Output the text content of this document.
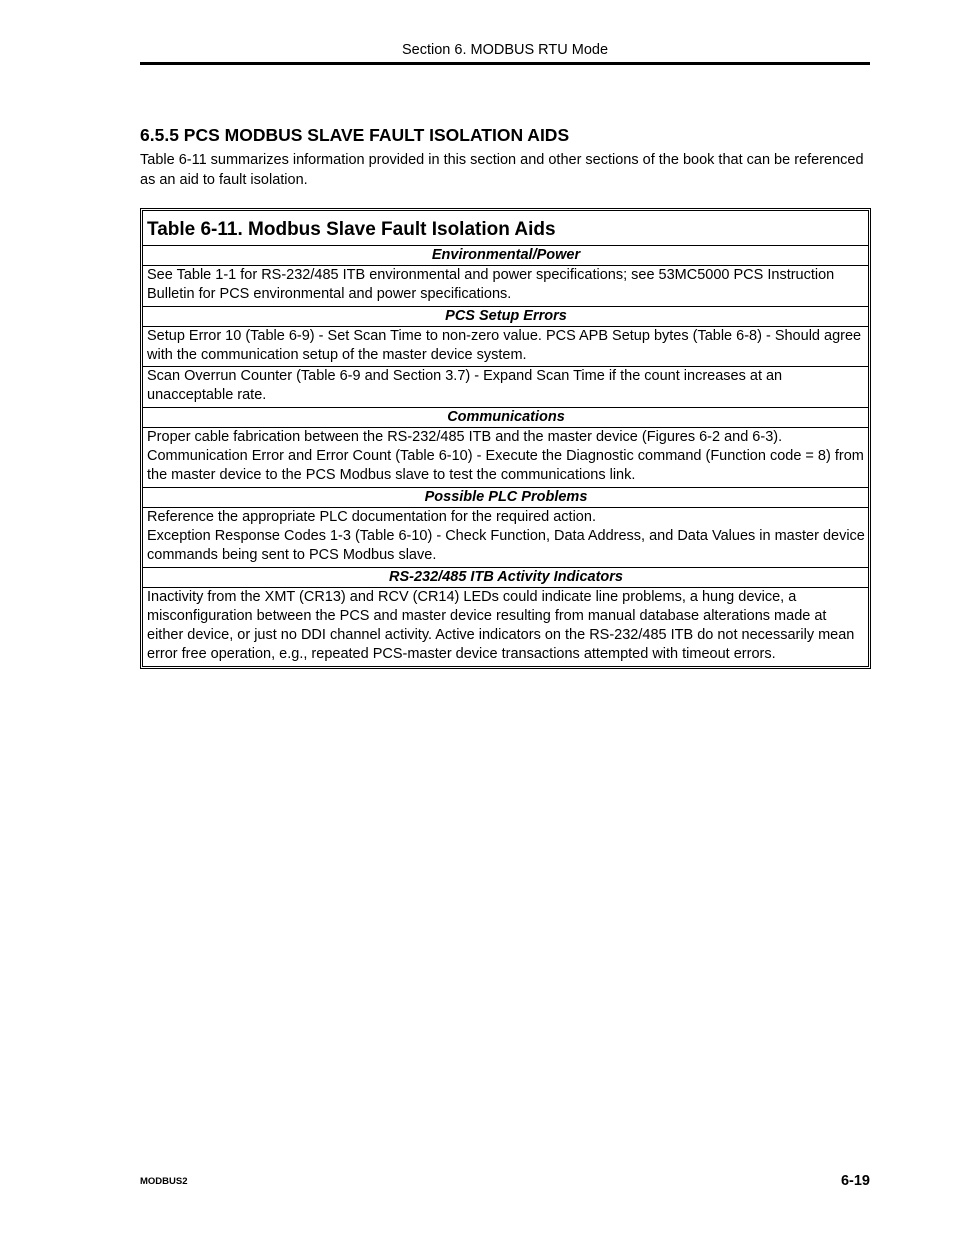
Section 6. MODBUS RTU Mode
6.5.5 PCS MODBUS SLAVE FAULT ISOLATION AIDS

Table 6-11 summarizes information provided in this section and other sections of the book that can be referenced as an aid to fault isolation.

Table 6-11. Modbus Slave Fault Isolation Aids
Environmental/Power
See Table 1-1 for RS-232/485 ITB environmental and power specifications; see 53MC5000 PCS Instruction Bulletin for PCS environmental and power specifications.
PCS Setup Errors
Setup Error 10 (Table 6-9) - Set Scan Time to non-zero value. PCS APB Setup bytes (Table 6-8) - Should agree with the communication setup of the master device system.
Scan Overrun Counter (Table 6-9 and Section 3.7) - Expand Scan Time if the count increases at an unacceptable rate.
Communications
Proper cable fabrication between the RS-232/485 ITB and the master device (Figures 6-2 and 6-3). Communication Error and Error Count (Table 6-10) - Execute the Diagnostic command (Function code = 8) from the master device to the PCS Modbus slave to test the communications link.
Possible PLC Problems
Reference the appropriate PLC documentation for the required action.
Exception Response Codes 1-3 (Table 6-10) - Check Function, Data Address, and Data Values in master device commands being sent to PCS Modbus slave.
RS-232/485 ITB Activity Indicators
Inactivity from the XMT (CR13) and RCV (CR14) LEDs could indicate line problems, a hung device, a misconfiguration between the PCS and master device resulting from manual database alterations made at either device, or just no DDI channel activity. Active indicators on the RS-232/485 ITB do not necessarily mean error free operation, e.g., repeated PCS-master device transactions attempted with timeout errors.
MODBUS2	6-19
